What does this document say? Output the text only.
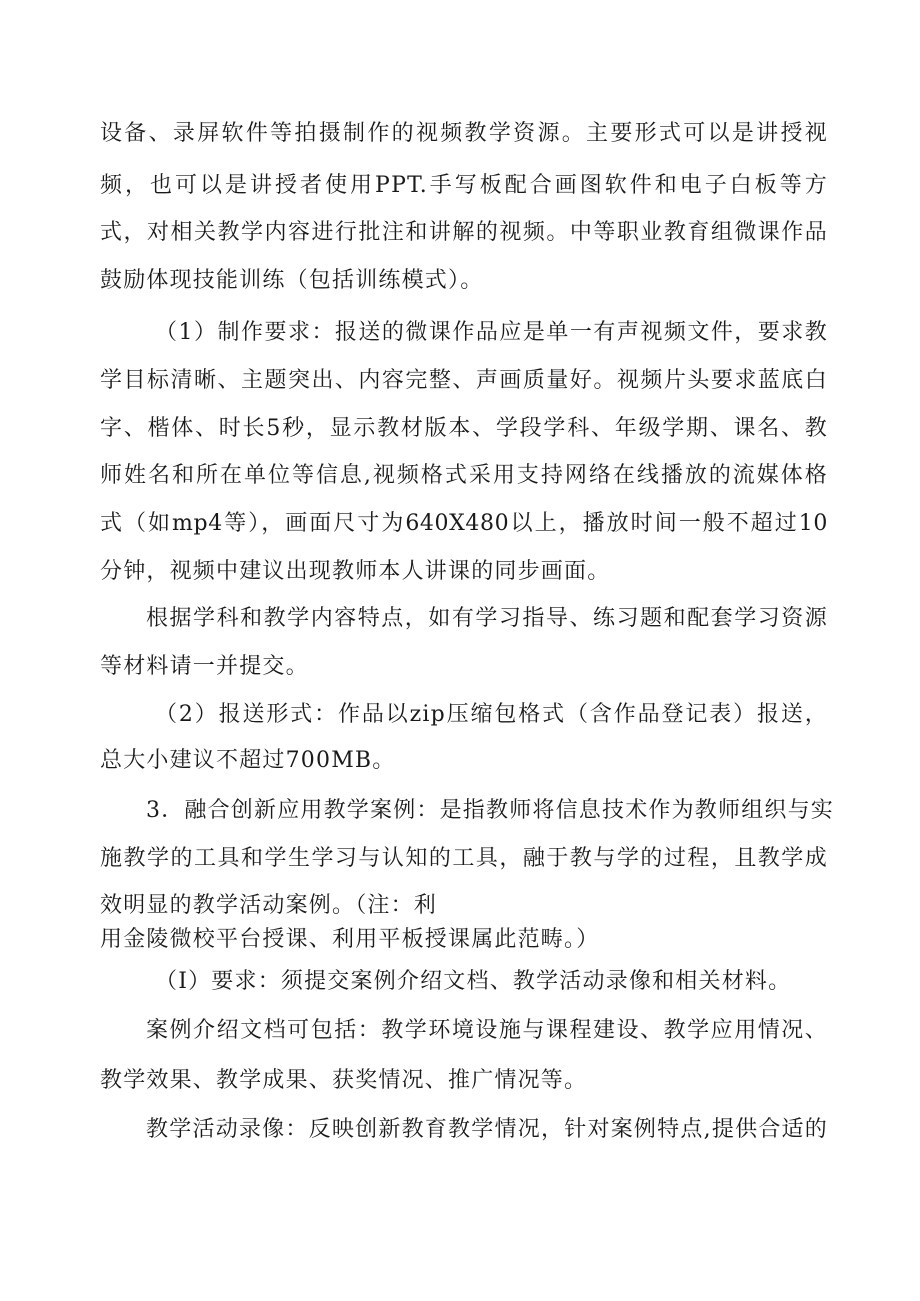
设备、录屏软件等拍摄制作的视频教学资源。主要形式可以是讲授视
频，也可以是讲授者使用PPT.手写板配合画图软件和电子白板等方
式，对相关教学内容进行批注和讲解的视频。中等职业教育组微课作品
鼓励体现技能训练（包括训练模式）。
（1）制作要求：报送的微课作品应是单一有声视频文件，要求教
学目标清晰、主题突出、内容完整、声画质量好。视频片头要求蓝底白
字、楷体、时长5秒，显示教材版本、学段学科、年级学期、课名、教
师姓名和所在单位等信息,视频格式采用支持网络在线播放的流媒体格
式（如mp4等），画面尺寸为640X480以上，播放时间一般不超过10
分钟，视频中建议出现教师本人讲课的同步画面。
根据学科和教学内容特点，如有学习指导、练习题和配套学习资源
等材料请一并提交。
（2）报送形式：作品以zip压缩包格式（含作品登记表）报送，
总大小建议不超过700MB。
3．融合创新应用教学案例：是指教师将信息技术作为教师组织与实
施教学的工具和学生学习与认知的工具，融于教与学的过程，且教学成
效明显的教学活动案例。（注：利
用金陵微校平台授课、利用平板授课属此范畴。）
（I）要求：须提交案例介绍文档、教学活动录像和相关材料。
案例介绍文档可包括：教学环境设施与课程建设、教学应用情况、
教学效果、教学成果、获奖情况、推广情况等。
教学活动录像：反映创新教育教学情况，针对案例特点,提供合适的
